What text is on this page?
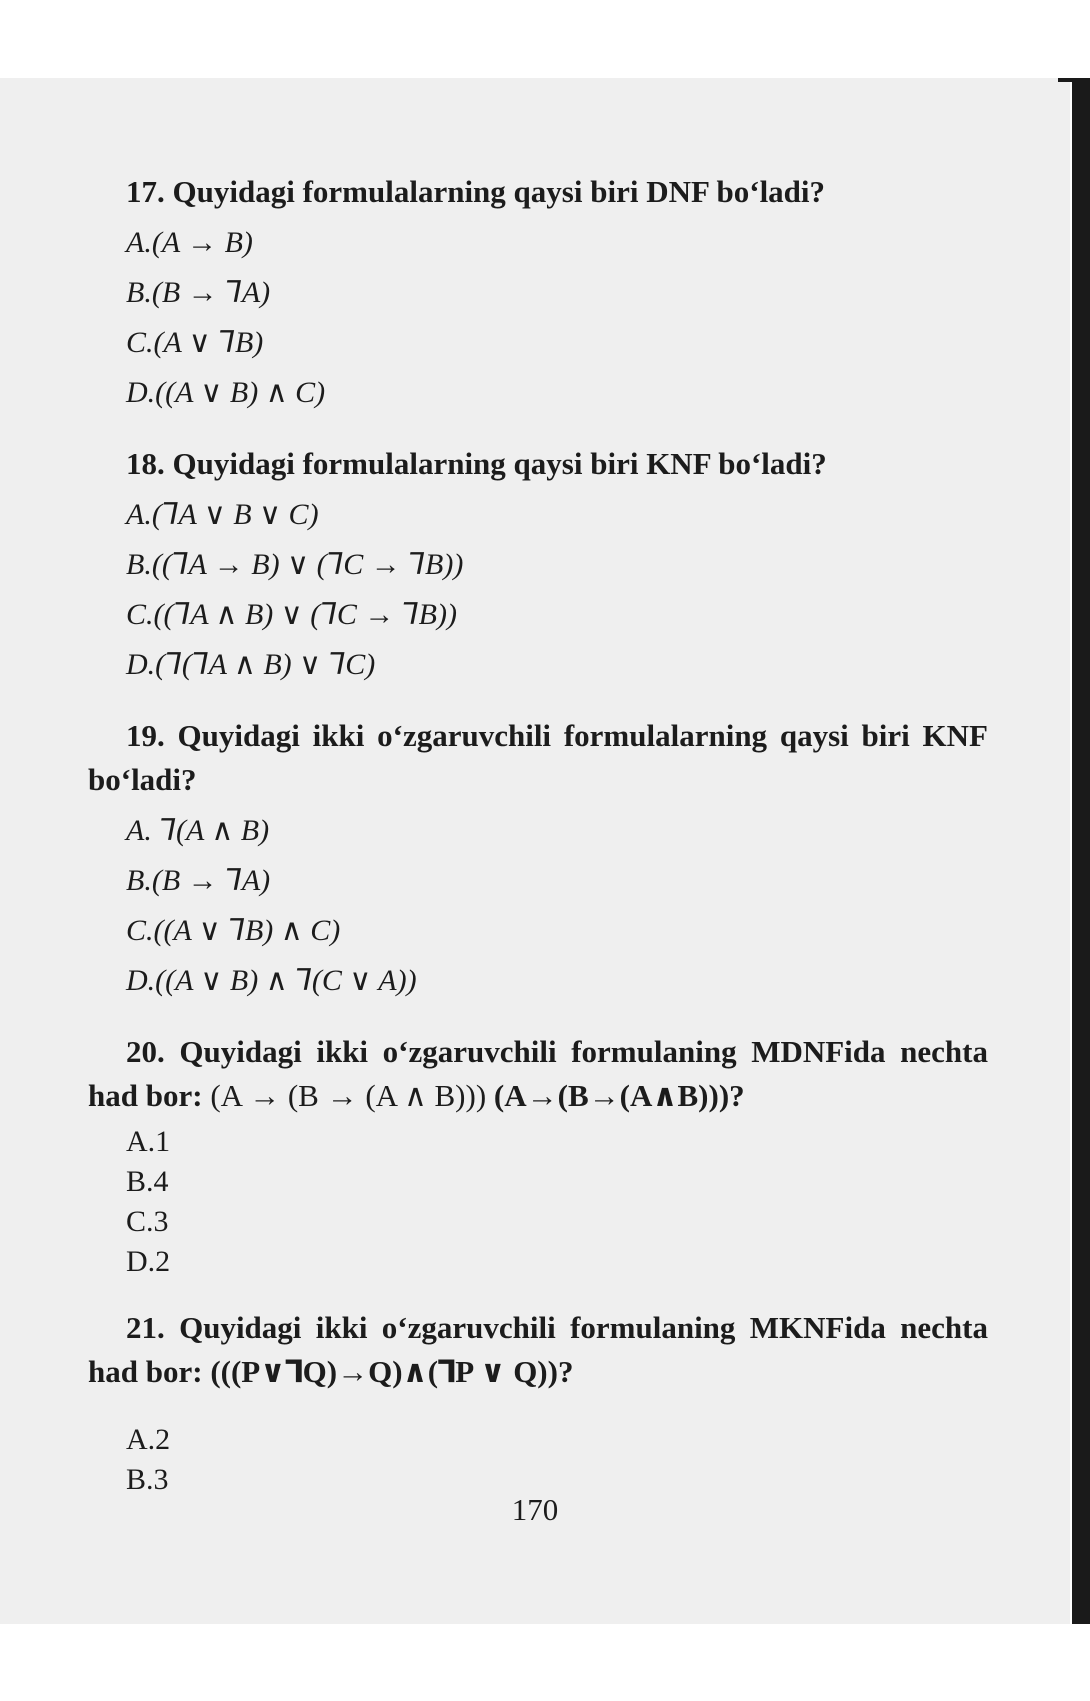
17. Quyidagi formulalarning qaysi biri DNF bo‘ladi?

A.(A → B)
B.(B → ⅂A)
C.(A ∨ ⅂B)
D.((A ∨ B) ∧ C)

18. Quyidagi formulalarning qaysi biri KNF bo‘ladi?

A.(⅂A ∨ B ∨ C)
B.((⅂A → B) ∨ (⅂C → ⅂B))
C.((⅂A ∧ B) ∨ (⅂C → ⅂B))
D.(⅂(⅂A ∧ B) ∨ ⅂C)

19. Quyidagi ikki o‘zgaruvchili formulalarning qaysi biri KNF bo‘ladi?

A. ⅂(A ∧ B)
B.(B → ⅂A)
C.((A ∨ ⅂B) ∧ C)
D.((A ∨ B) ∧ ⅂(C ∨ A))

20. Quyidagi ikki o‘zgaruvchili formulaning MDNFida nechta had bor: (A → (B → (A ∧ B))) (A→(B→(A∧B)))?

A.1
B.4
C.3
D.2

21. Quyidagi ikki o‘zgaruvchili formulaning MKNFida nechta had bor: (((P∨⅂Q)→Q)∧(⅂P ∨ Q))?

A.2
B.3
170
